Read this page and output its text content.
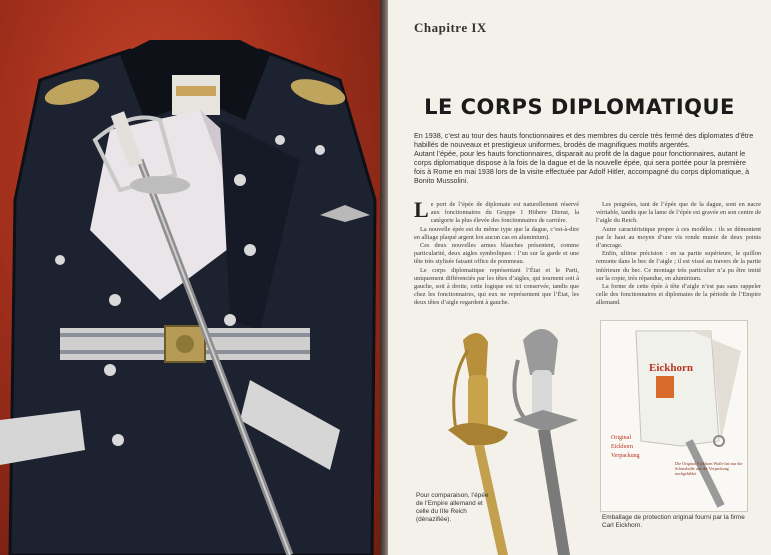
Chapitre IX
LE CORPS DIPLOMATIQUE

En 1938, c’est au tour des hauts fonctionnaires et des membres du cercle très fermé des diplomates d’être habillés de nouveaux et prestigieux uniformes, brodés de magnifiques motifs argentés.

Autant l’épée, pour les hauts fonctionnaires, disparait au profit de la dague pour fonctionnaires, autant le corps diplomatique dispose à la fois de la dague et de la nouvelle épée, qui sera portée pour la première fois à Rome en mai 1938 lors de la visite effectuée par Adolf Hitler, accompagné du corps diplomatique, à Bonito Mussolini.

Le port de l’épée de diplomate est naturellement réservé aux fonctionnaires du Gruppe 1 Höhere Dienst, la catégorie la plus élevée des fonctionnaires de carrière.

La nouvelle épée est du même type que la dague, c’est-à-dire en alliage plaqué argent lon aucun cas en aluminium).

Ces deux nouvelles armes blanches présentent, comme particularité, deux aigles symboliques : l’un sur la garde et une tête très stylisée faisant office de pommeau.

Le corps diplomatique représentant l’État et le Parti, uniquement différenciés par les têtes d’aigles, qui tournent soit à gauche, soit à droite, cette logique est ici conservée, tandis que chez les fonctionnaires, qui eux ne représentent que l’État, les deux têtes d’aigle regardent à gauche.

Les poignées, tant de l’épée que de la dague, sont en nacre véritable, tandis que la lame de l’épée est gravée en son centre de l’aigle du Reich.

Autre caractéristique propre à ces modèles : ils se démontent par le haut au moyen d’une vis ronde munie de deux points d’ancrage.

Enfin, ultime précision : en sa partie supérieure, le quillon remonte dans le bec de l’aigle ; il est vissé au travers de la partie inférieure du bec. Ce montage très particulier n’a pu être imité sur la copie, très répandue, en aluminium.

La forme de cette épée à tête d’aigle n’est pas sans rappeler celle des fonctionnaires et diplomates de la période de l’Empire allemand.

Pour comparaison, l’épée de l’Empire allemand et celle du IIIe Reich (dénazifiée).
Eickhorn
Original
Eickhorn
Verpackung
Die Original Eickhorn Waffe hat nur die Schutzhülle aus der Verpackung nachgebildet
Emballage de protection original fourni par la firme Carl Eickhorn.
